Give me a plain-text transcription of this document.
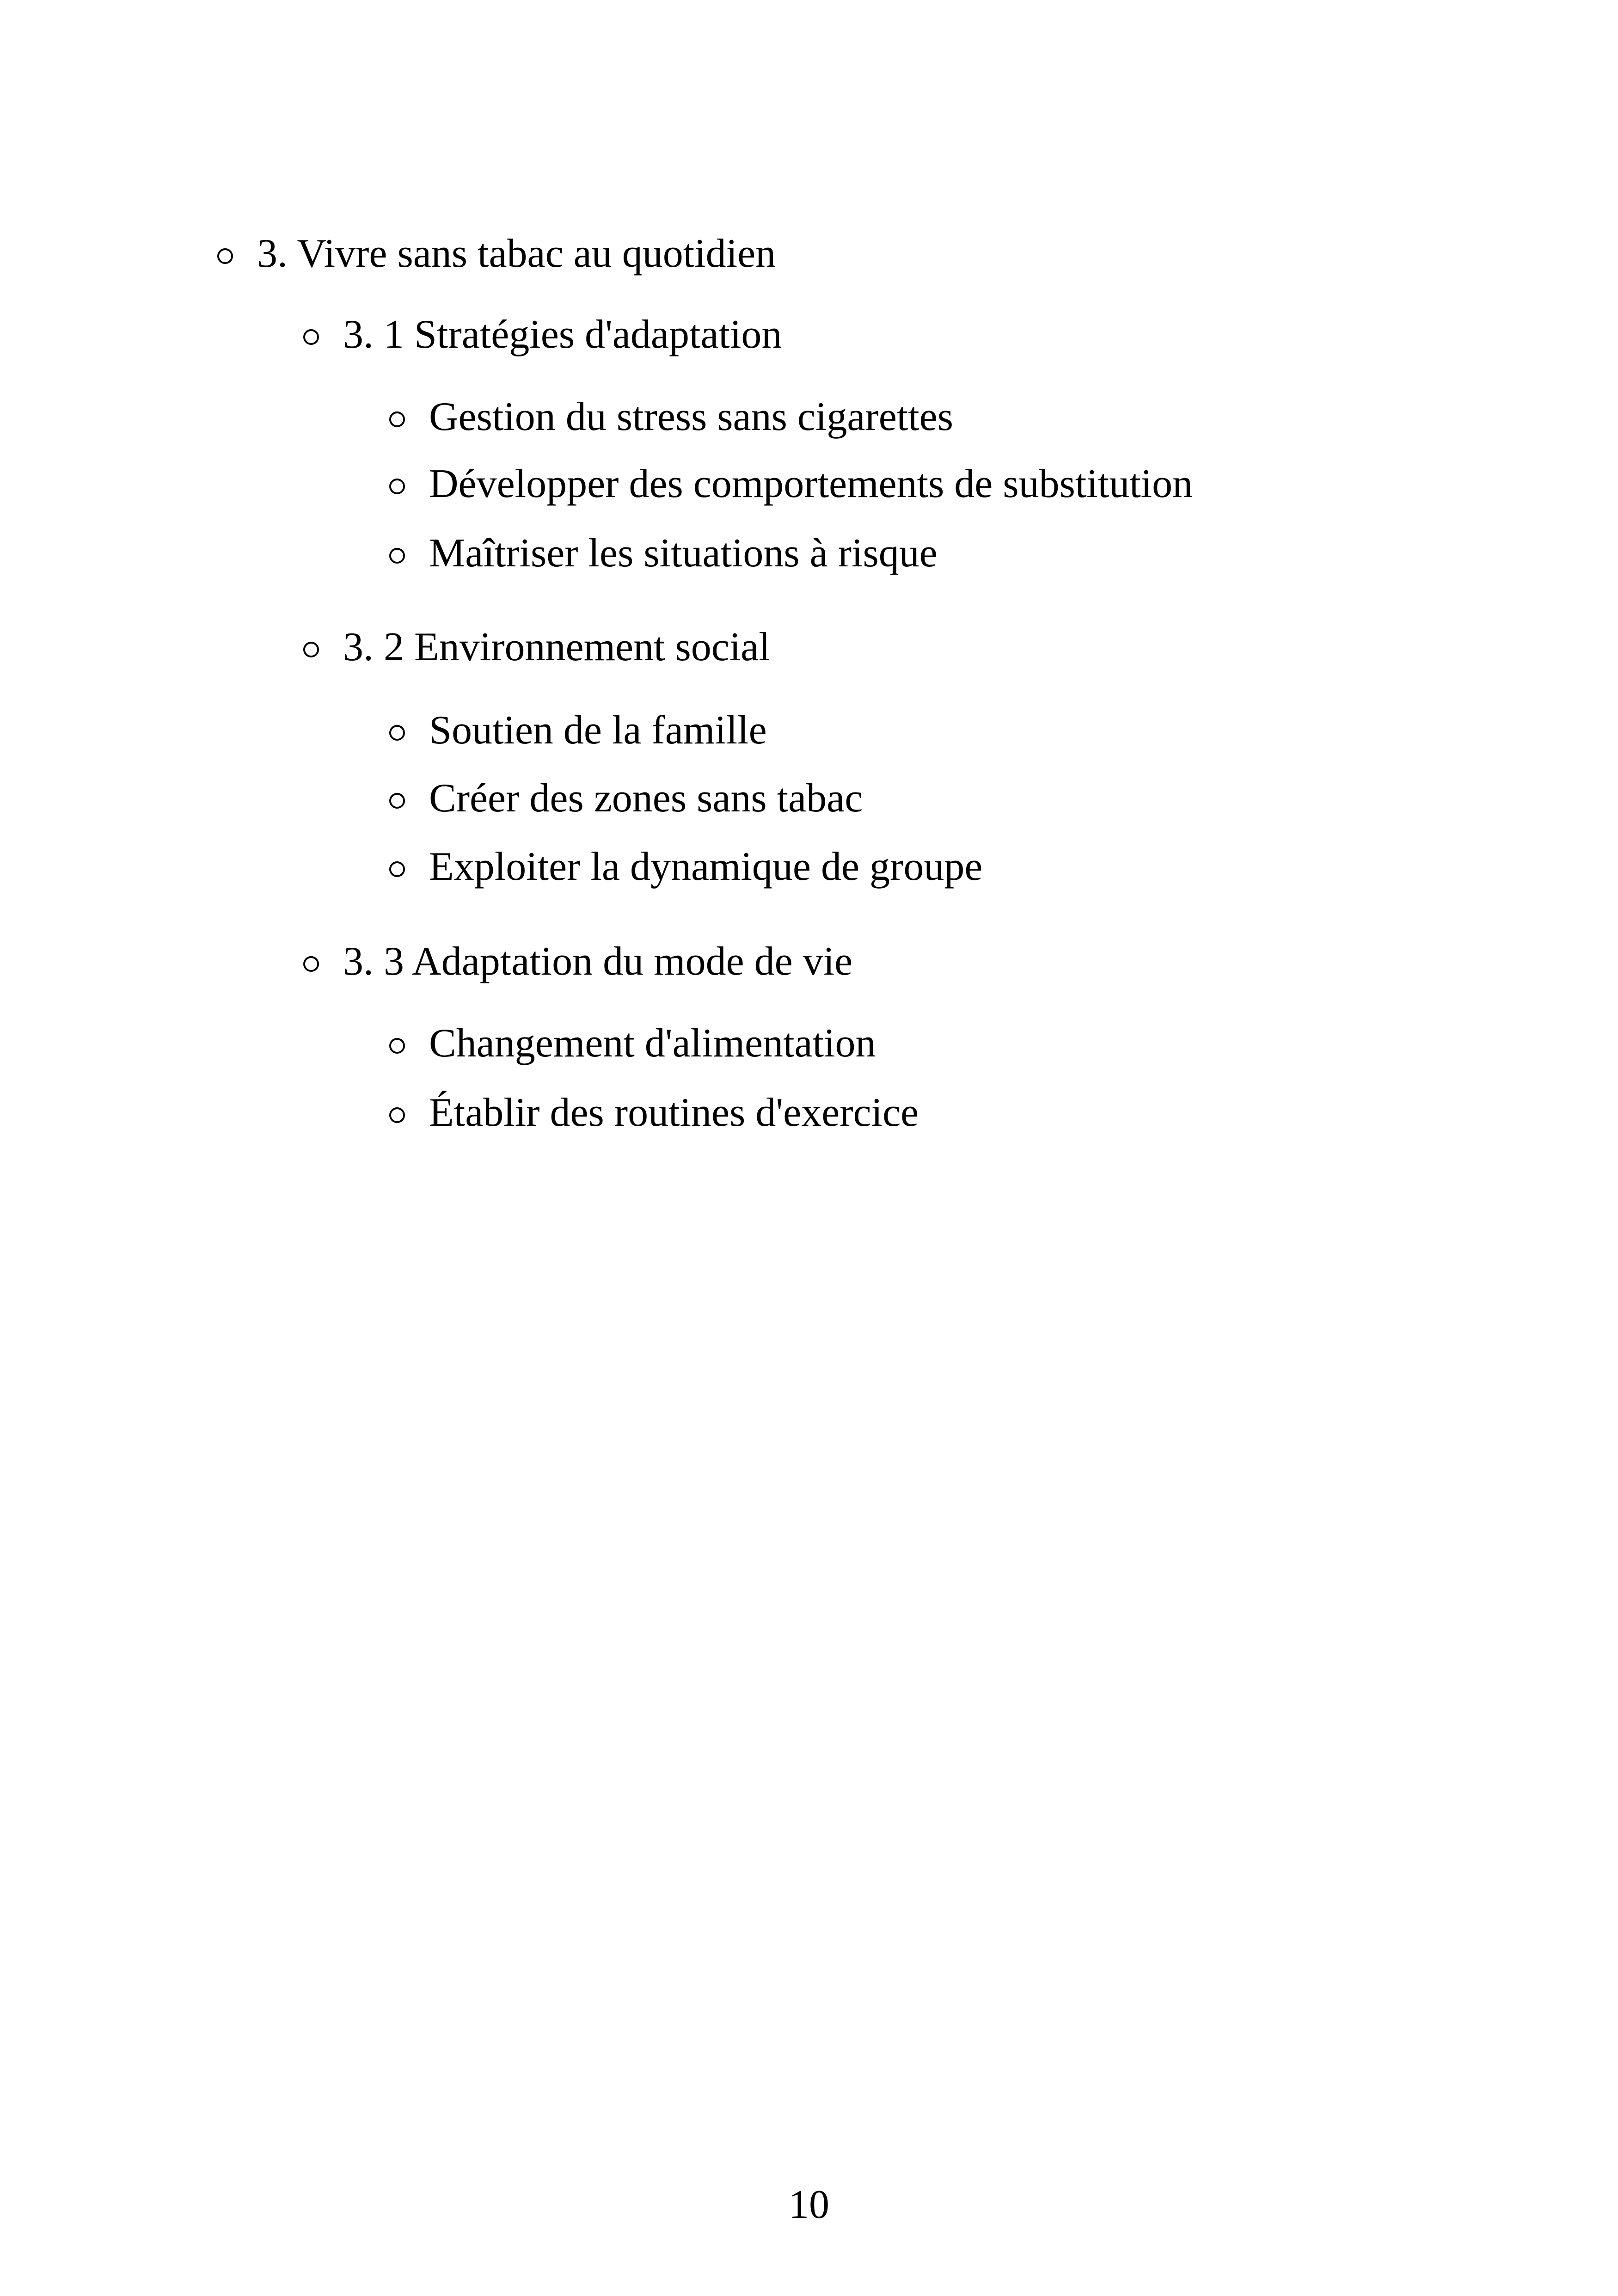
3. Vivre sans tabac au quotidien
3. 1 Stratégies d'adaptation
Gestion du stress sans cigarettes
Développer des comportements de substitution
Maîtriser les situations à risque
3. 2 Environnement social
Soutien de la famille
Créer des zones sans tabac
Exploiter la dynamique de groupe
3. 3 Adaptation du mode de vie
Changement d'alimentation
Établir des routines d'exercice
10
